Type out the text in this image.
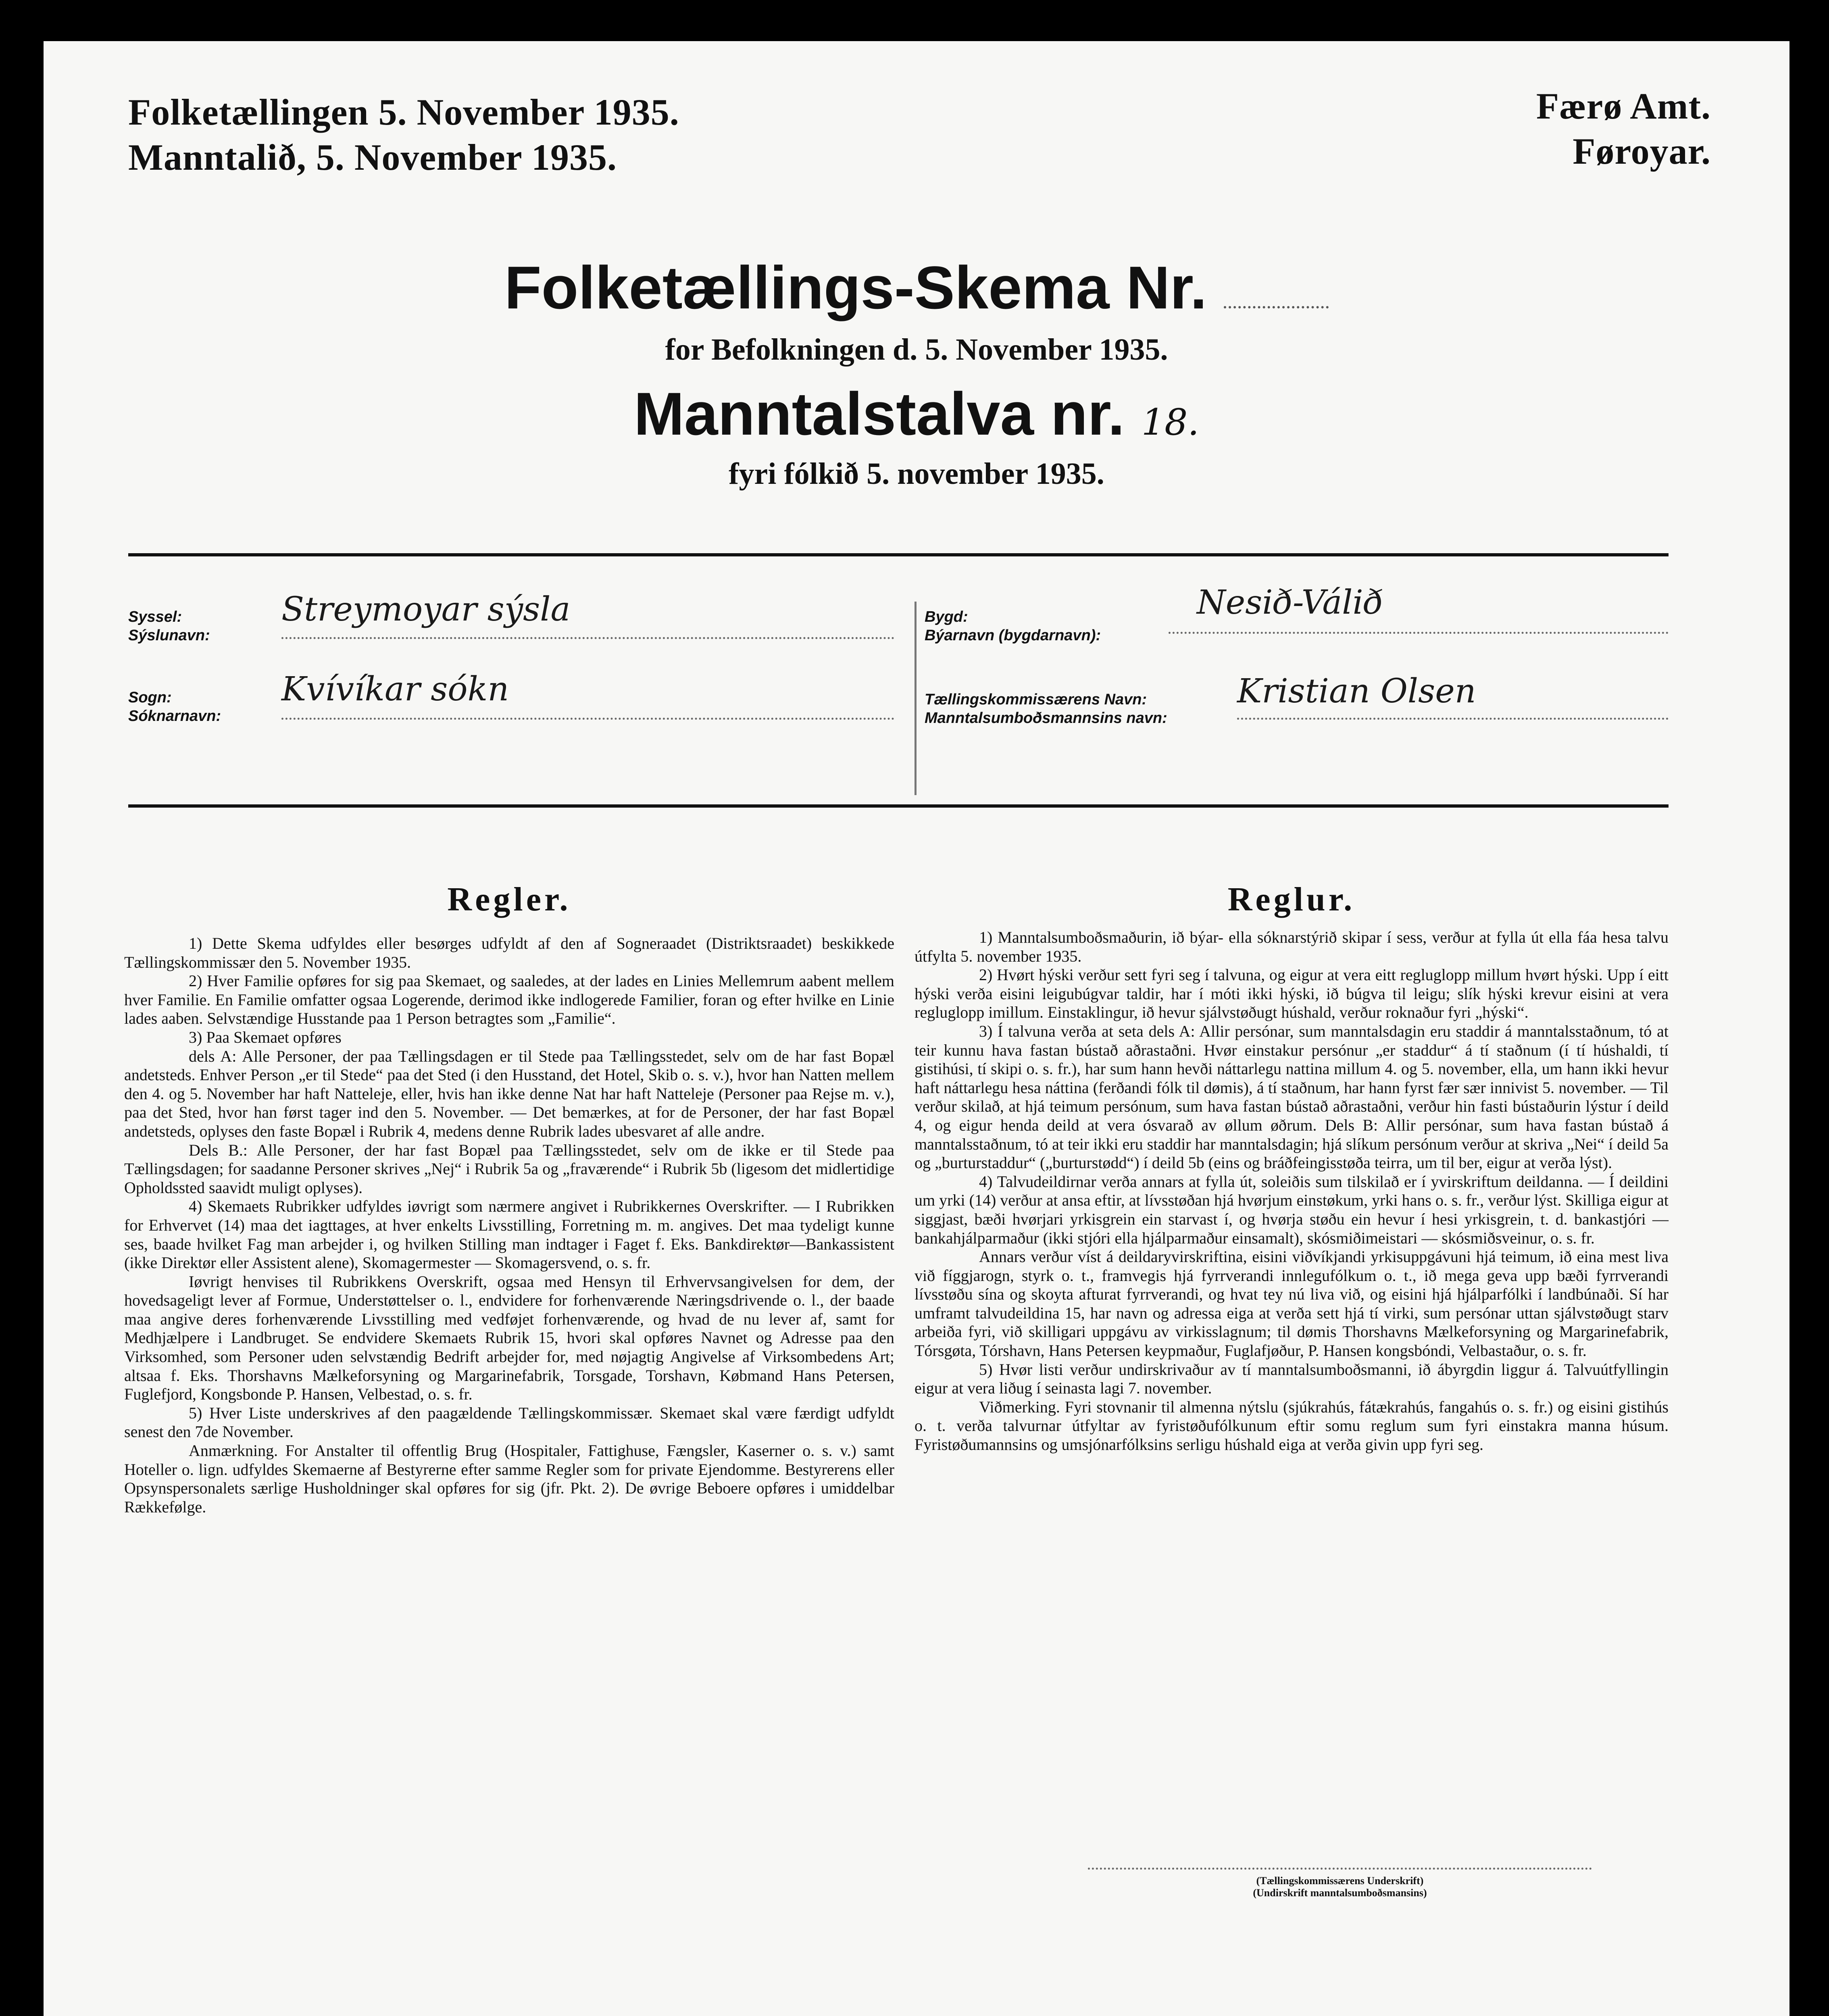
Folketællingen 5. November 1935.
Manntalið, 5. November 1935.
Færø Amt.
Føroyar.
Folketællings-Skema Nr.
for Befolkningen d. 5. November 1935.
Manntalstalva nr. 18.
fyri fólkið 5. november 1935.
Syssel:
Sýslunavn:
Streymoyar sýsla
Sogn:
Sóknarnavn:
Kvívíkar sókn
Bygd:
Býarnavn (bygdarnavn):
Nesið-Válið
Tællingskommissærens Navn:
Manntalsumboðsmannsins navn:
Kristian Olsen
Regler.

1) Dette Skema udfyldes eller besørges udfyldt af den af Sogneraadet (Distriktsraadet) beskikkede Tællingskommissær den 5. November 1935.

2) Hver Familie opføres for sig paa Skemaet, og saaledes, at der lades en Linies Mellemrum aabent mellem hver Familie. En Familie omfatter ogsaa Logerende, derimod ikke indlogerede Familier, foran og efter hvilke en Linie lades aaben. Selvstændige Husstande paa 1 Person betragtes som „Familie“.

3) Paa Skemaet opføres

dels A: Alle Personer, der paa Tællingsdagen er til Stede paa Tællingsstedet, selv om de har fast Bopæl andetsteds. Enhver Person „er til Stede“ paa det Sted (i den Husstand, det Hotel, Skib o. s. v.), hvor han Natten mellem den 4. og 5. November har haft Natteleje, eller, hvis han ikke denne Nat har haft Natteleje (Personer paa Rejse m. v.), paa det Sted, hvor han først tager ind den 5. November. — Det bemærkes, at for de Personer, der har fast Bopæl andetsteds, oplyses den faste Bopæl i Rubrik 4, medens denne Rubrik lades ubesvaret af alle andre.

Dels B.: Alle Personer, der har fast Bopæl paa Tællingsstedet, selv om de ikke er til Stede paa Tællingsdagen; for saadanne Personer skrives „Nej“ i Rubrik 5a og „fraværende“ i Rubrik 5b (ligesom det midlertidige Opholdssted saavidt muligt oplyses).

4) Skemaets Rubrikker udfyldes iøvrigt som nærmere angivet i Rubrikkernes Overskrifter. — I Rubrikken for Erhvervet (14) maa det iagttages, at hver enkelts Livsstilling, Forretning m. m. angives. Det maa tydeligt kunne ses, baade hvilket Fag man arbejder i, og hvilken Stilling man indtager i Faget f. Eks. Bankdirektør—Bankassistent (ikke Direktør eller Assistent alene), Skomagermester — Skomagersvend, o. s. fr.

Iøvrigt henvises til Rubrikkens Overskrift, ogsaa med Hensyn til Erhvervsangivelsen for dem, der hovedsageligt lever af Formue, Understøttelser o. l., endvidere for forhenværende Næringsdrivende o. l., der baade maa angive deres forhenværende Livsstilling med vedføjet forhenværende, og hvad de nu lever af, samt for Medhjælpere i Landbruget. Se endvidere Skemaets Rubrik 15, hvori skal opføres Navnet og Adresse paa den Virksomhed, som Personer uden selvstændig Bedrift arbejder for, med nøjagtig Angivelse af Virksombedens Art; altsaa f. Eks. Thorshavns Mælkeforsyning og Margarinefabrik, Torsgade, Torshavn, Købmand Hans Petersen, Fuglefjord, Kongsbonde P. Hansen, Velbestad, o. s. fr.

5) Hver Liste underskrives af den paagældende Tællingskommissær. Skemaet skal være færdigt udfyldt senest den 7de November.

Anmærkning. For Anstalter til offentlig Brug (Hospitaler, Fattighuse, Fængsler, Kaserner o. s. v.) samt Hoteller o. lign. udfyldes Skemaerne af Bestyrerne efter samme Regler som for private Ejendomme. Bestyrerens eller Opsynspersonalets særlige Husholdninger skal opføres for sig (jfr. Pkt. 2). De øvrige Beboere opføres i umiddelbar Rækkefølge.

Reglur.

1) Manntalsumboðsmaðurin, ið býar- ella sóknarstýrið skipar í sess, verður at fylla út ella fáa hesa talvu útfylta 5. november 1935.

2) Hvørt hýski verður sett fyri seg í talvuna, og eigur at vera eitt regluglopp millum hvørt hýski. Upp í eitt hýski verða eisini leigubúgvar taldir, har í móti ikki hýski, ið búgva til leigu; slík hýski krevur eisini at vera regluglopp imillum. Einstaklingur, ið hevur sjálvstøðugt húshald, verður roknaður fyri „hýski“.

3) Í talvuna verða at seta dels A: Allir persónar, sum manntalsdagin eru staddir á manntalsstaðnum, tó at teir kunnu hava fastan bústað aðrastaðni. Hvør einstakur persónur „er staddur“ á tí staðnum (í tí húshaldi, tí gistihúsi, tí skipi o. s. fr.), har sum hann hevði náttarlegu nattina millum 4. og 5. november, ella, um hann ikki hevur haft náttarlegu hesa náttina (ferðandi fólk til dømis), á tí staðnum, har hann fyrst fær sær innivist 5. november. — Til verður skilað, at hjá teimum persónum, sum hava fastan bústað aðrastaðni, verður hin fasti bústaðurin lýstur í deild 4, og eigur henda deild at vera ósvarað av øllum øðrum. Dels B: Allir persónar, sum hava fastan bústað á manntalsstaðnum, tó at teir ikki eru staddir har manntalsdagin; hjá slíkum persónum verður at skriva „Nei“ í deild 5a og „burturstaddur“ („burturstødd“) í deild 5b (eins og bráðfeingisstøða teirra, um til ber, eigur at verða lýst).

4) Talvudeildirnar verða annars at fylla út, soleiðis sum tilskilað er í yvirskriftum deildanna. — Í deildini um yrki (14) verður at ansa eftir, at lívsstøðan hjá hvørjum einstøkum, yrki hans o. s. fr., verður lýst. Skilliga eigur at siggjast, bæði hvørjari yrkisgrein ein starvast í, og hvørja støðu ein hevur í hesi yrkisgrein, t. d. bankastjóri — bankahjálparmaður (ikki stjóri ella hjálparmaður einsamalt), skósmiðimeistari — skósmiðsveinur, o. s. fr.

Annars verður víst á deildaryvirskriftina, eisini viðvíkjandi yrkisuppgávuni hjá teimum, ið eina mest liva við fíggjarogn, styrk o. t., framvegis hjá fyrrverandi innlegufólkum o. t., ið mega geva upp bæði fyrrverandi lívsstøðu sína og skoyta afturat fyrrverandi, og hvat tey nú liva við, og eisini hjá hjálparfólki í landbúnaði. Sí har umframt talvudeildina 15, har navn og adressa eiga at verða sett hjá tí virki, sum persónar uttan sjálvstøðugt starv arbeiða fyri, við skilligari uppgávu av virkisslagnum; til dømis Thorshavns Mælkeforsyning og Margarinefabrik, Tórsgøta, Tórshavn, Hans Petersen keypmaður, Fuglafjøður, P. Hansen kongsbóndi, Velbastaður, o. s. fr.

5) Hvør listi verður undirskrivaður av tí manntalsumboðsmanni, ið ábyrgdin liggur á. Talvuútfyllingin eigur at vera liðug í seinasta lagi 7. november.

Viðmerking. Fyri stovnanir til almenna nýtslu (sjúkrahús, fátækrahús, fangahús o. s. fr.) og eisini gistihús o. t. verða talvurnar útfyltar av fyristøðufólkunum eftir somu reglum sum fyri einstakra manna húsum. Fyristøðumannsins og umsjónarfólksins serligu húshald eiga at verða givin upp fyri seg.

(Tællingskommissærens Underskrift)
(Undirskrift manntalsumboðsmansins)
